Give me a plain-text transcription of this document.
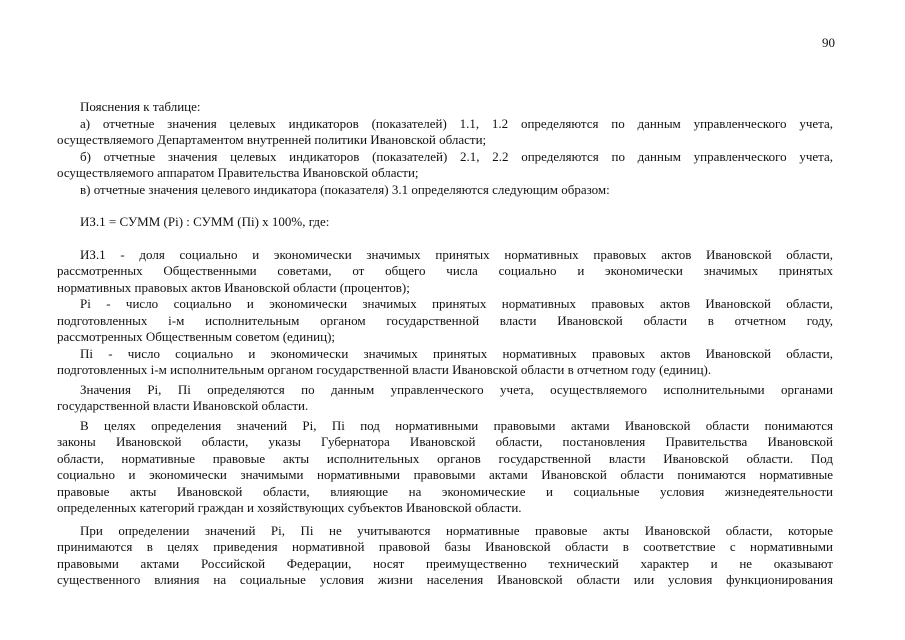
90
Пояснения к таблице:
а) отчетные значения целевых индикаторов (показателей) 1.1, 1.2 определяются по данным управленческого учета,
осуществляемого Департаментом внутренней политики Ивановской области;
б) отчетные значения целевых индикаторов (показателей) 2.1, 2.2 определяются по данным управленческого учета,
осуществляемого аппаратом Правительства Ивановской области;
в) отчетные значения целевого индикатора (показателя) 3.1 определяются следующим образом:
ИЗ.1 = СУММ (Pi) : СУММ (Пi) х 100%, где:
ИЗ.1 - доля социально и экономически значимых принятых нормативных правовых актов Ивановской области,
рассмотренных Общественными советами, от общего числа социально и экономически значимых принятых
нормативных правовых актов Ивановской области (процентов);
Pi - число социально и экономически значимых принятых нормативных правовых актов Ивановской области,
подготовленных i-м исполнительным органом государственной власти Ивановской области в отчетном году,
рассмотренных Общественным советом (единиц);
Пi - число социально и экономически значимых принятых нормативных правовых актов Ивановской области,
подготовленных i-м исполнительным органом государственной власти Ивановской области в отчетном году (единиц).
Значения Pi, Пi определяются по данным управленческого учета, осуществляемого исполнительными органами
государственной власти Ивановской области.
В целях определения значений Pi, Пi под нормативными правовыми актами Ивановской области понимаются
законы Ивановской области, указы Губернатора Ивановской области, постановления Правительства Ивановской
области, нормативные правовые акты исполнительных органов государственной власти Ивановской области. Под
социально и экономически значимыми нормативными правовыми актами Ивановской области понимаются нормативные
правовые акты Ивановской области, влияющие на экономические и социальные условия жизнедеятельности
определенных категорий граждан и хозяйствующих субъектов Ивановской области.
При определении значений Pi, Пi не учитываются нормативные правовые акты Ивановской области, которые
принимаются в целях приведения нормативной правовой базы Ивановской области в соответствие с нормативными
правовыми актами Российской Федерации, носят преимущественно технический характер и не оказывают
существенного влияния на социальные условия жизни населения Ивановской области или условия функционирования
